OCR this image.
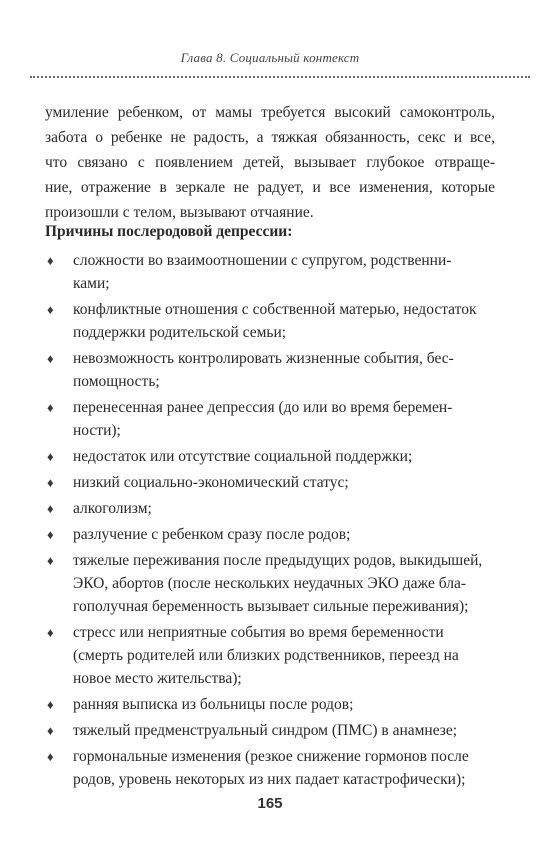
Глава 8. Социальный контекст
умиление ребенком, от мамы требуется высокий самоконтроль,
забота о ребенке не радость, а тяжкая обязанность, секс и все,
что связано с появлением детей, вызывает глубокое отвраще-
ние, отражение в зеркале не радует, и все изменения, которые
произошли с телом, вызывают отчаяние.
Причины послеродовой депрессии:
♦ сложности во взаимоотношении с супругом, родственни-
ками;
♦ конфликтные отношения с собственной матерью, недостаток
поддержки родительской семьи;
♦ невозможность контролировать жизненные события, бес-
помощность;
♦ перенесенная ранее депрессия (до или во время беремен-
ности);
♦ недостаток или отсутствие социальной поддержки;
♦ низкий социально-экономический статус;
♦ алкоголизм;
♦ разлучение с ребенком сразу после родов;
♦ тяжелые переживания после предыдущих родов, выкидышей,
ЭКО, абортов (после нескольких неудачных ЭКО даже бла-
гополучная беременность вызывает сильные переживания);
♦ стресс или неприятные события во время беременности
(смерть родителей или близких родственников, переезд на
новое место жительства);
♦ ранняя выписка из больницы после родов;
♦ тяжелый предменструальный синдром (ПМС) в анамнезе;
♦ гормональные изменения (резкое снижение гормонов после
родов, уровень некоторых из них падает катастрофически);
165
